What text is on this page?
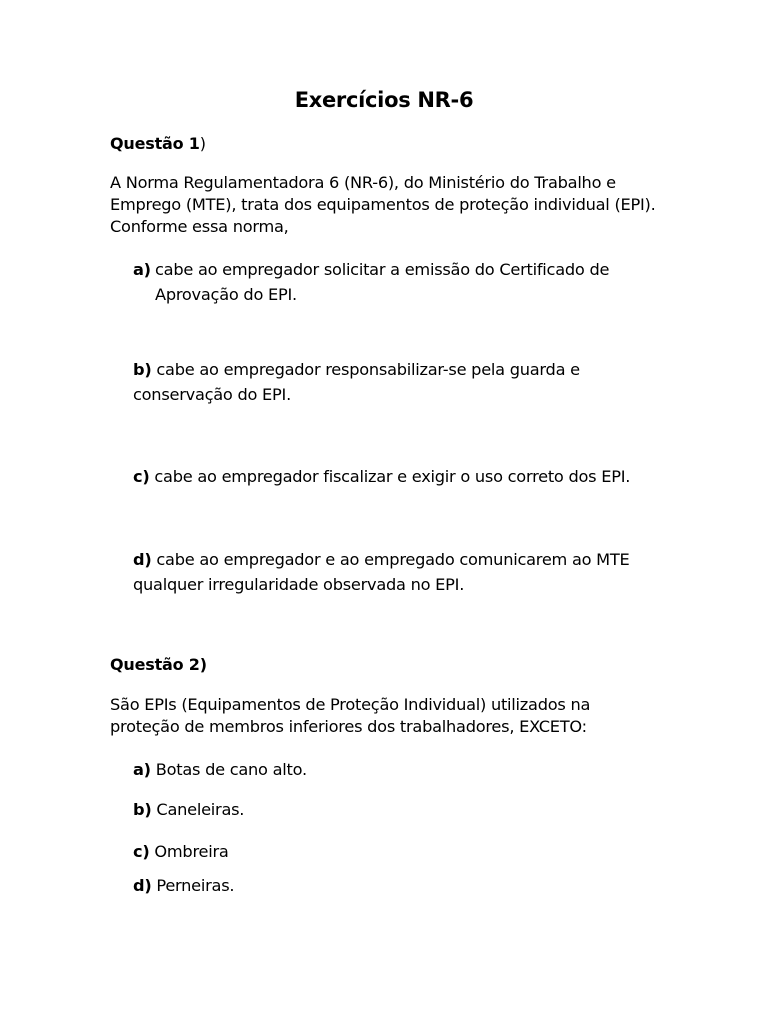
Exercícios NR-6
Questão 1)
A Norma Regulamentadora 6 (NR-6), do Ministério do Trabalho e Emprego (MTE), trata dos equipamentos de proteção individual (EPI). Conforme essa norma,
a) cabe ao empregador solicitar a emissão do Certificado de Aprovação do EPI.
b) cabe ao empregador responsabilizar-se pela guarda e conservação do EPI.
c) cabe ao empregador fiscalizar e exigir o uso correto dos EPI.
d) cabe ao empregador e ao empregado comunicarem ao MTE qualquer irregularidade observada no EPI.
Questão 2)
São EPIs (Equipamentos de Proteção Individual) utilizados na proteção de membros inferiores dos trabalhadores, EXCETO:
a) Botas de cano alto.
b) Caneleiras.
c) Ombreira
d) Perneiras.
